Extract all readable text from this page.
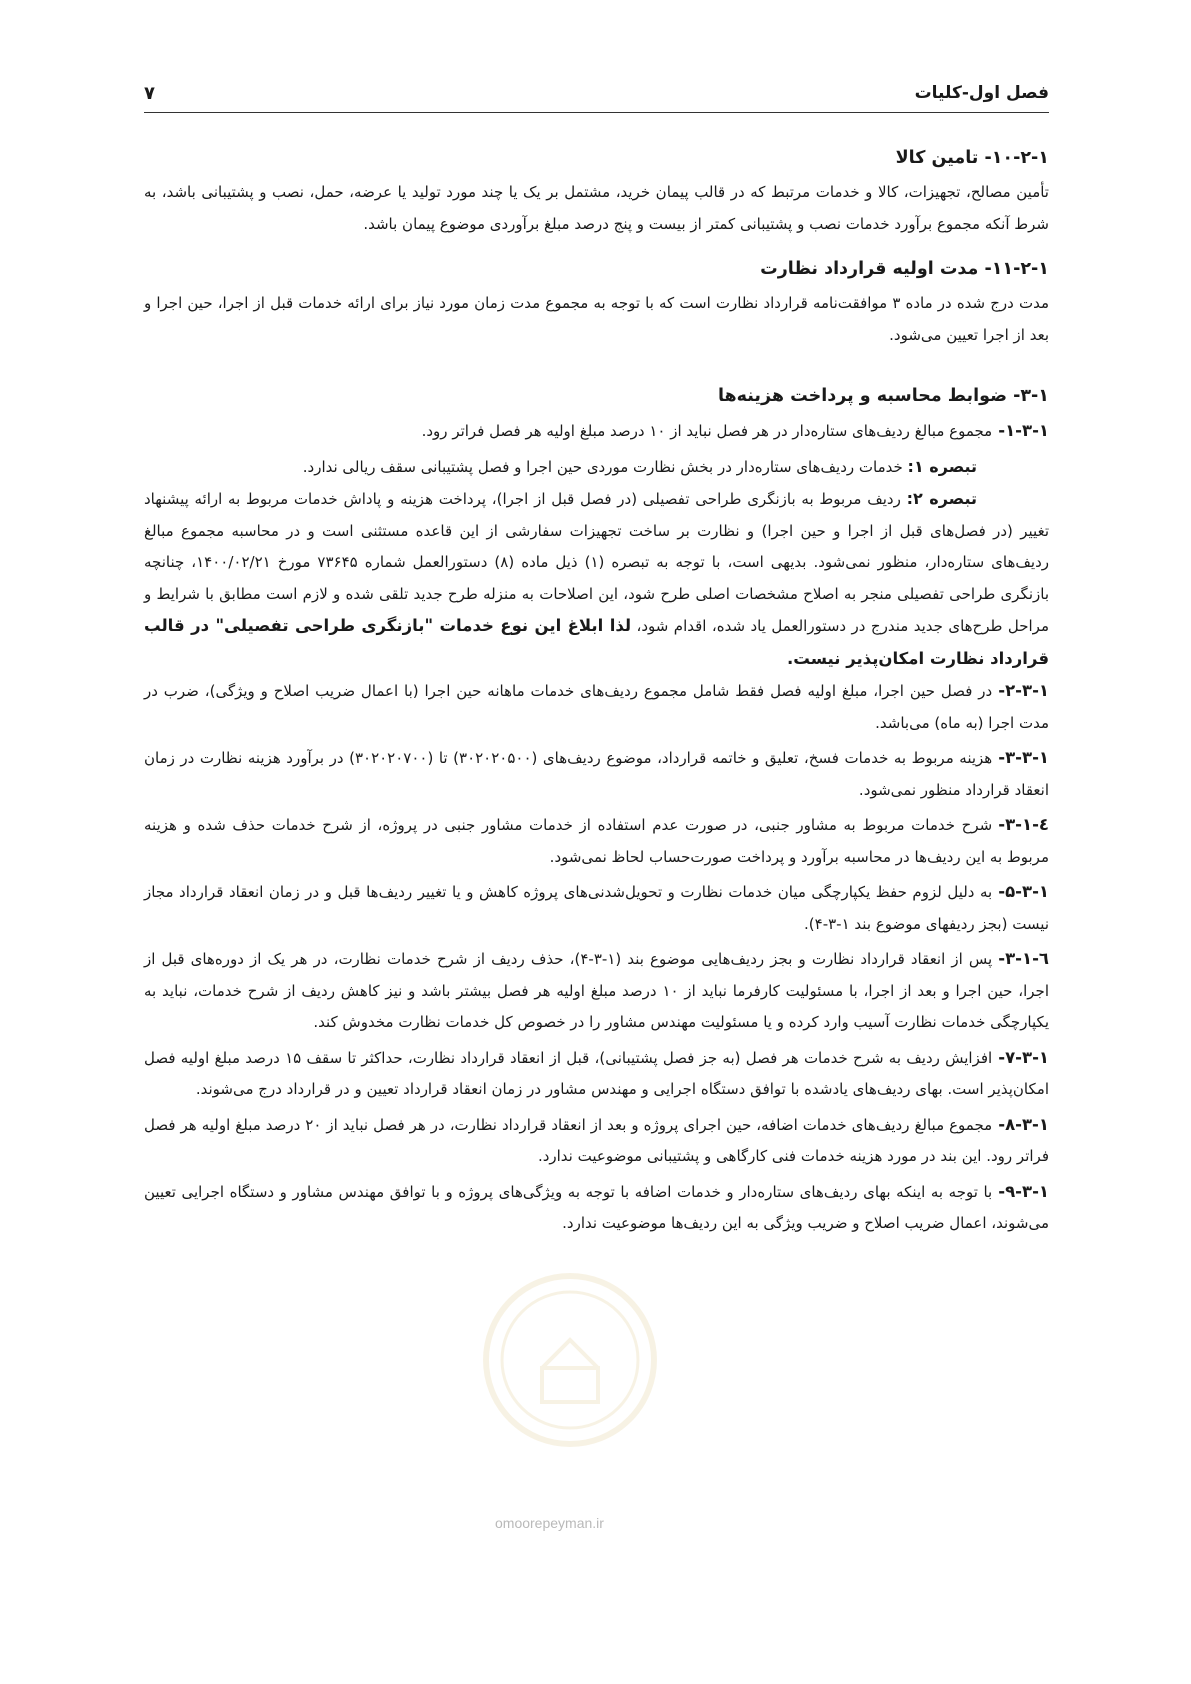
فصل اول-کلیات
۷
۱۰-۲-۱- تامین کالا

تأمین مصالح، تجهیزات، کالا و خدمات مرتبط که در قالب پیمان خرید، مشتمل بر یک یا چند مورد تولید یا عرضه، حمل، نصب و پشتیبانی باشد، به شرط آنکه مجموع برآورد خدمات نصب و پشتیبانی کمتر از بیست و پنج درصد مبلغ برآوردی موضوع پیمان باشد.

۱۱-۲-۱- مدت اولیه قرارداد نظارت

مدت درج شده در ماده ۳ موافقت‌نامه قرارداد نظارت است که با توجه به مجموع مدت زمان مورد نیاز برای ارائه خدمات قبل از اجرا، حین اجرا و بعد از اجرا تعیین می‌شود.

۳-۱- ضوابط محاسبه و پرداخت هزینه‌ها
۱-۳-۱-مجموع مبالغ ردیف‌های ستاره‌دار در هر فصل نباید از ۱۰ درصد مبلغ اولیه هر فصل فراتر رود.

تبصره ۱: خدمات ردیف‌های ستاره‌دار در بخش نظارت موردی حین اجرا و فصل پشتیبانی سقف ریالی ندارد.

تبصره ۲: ردیف مربوط به بازنگری طراحی تفصیلی (در فصل قبل از اجرا)، پرداخت هزینه و پاداش خدمات مربوط به ارائه پیشنهاد تغییر (در فصل‌های قبل از اجرا و حین اجرا) و نظارت بر ساخت تجهیزات سفارشی از این قاعده مستثنی است و در محاسبه مجموع مبالغ ردیف‌های ستاره‌دار، منظور نمی‌شود. بدیهی است، با توجه به تبصره (۱) ذیل ماده (۸) دستورالعمل شماره ۷۳۶۴۵ مورخ ۱۴۰۰/۰۲/۲۱، چنانچه بازنگری طراحی تفصیلی منجر به اصلاح مشخصات اصلی طرح شود، این اصلاحات به منزله طرح جدید تلقی شده و لازم است مطابق با شرایط و مراحل طرح‌های جدید مندرج در دستورالعمل یاد شده، اقدام شود، لذا ابلاغ این نوع خدمات "بازنگری طراحی تفصیلی" در قالب قرارداد نظارت امکان‌پذیر نیست.

۲-۳-۱-در فصل حین اجرا، مبلغ اولیه فصل فقط شامل مجموع ردیف‌های خدمات ماهانه حین اجرا (با اعمال ضریب اصلاح و ویژگی)، ضرب در مدت اجرا (به ماه) می‌باشد.
۳-۳-۱-هزینه مربوط به خدمات فسخ، تعلیق و خاتمه قرارداد، موضوع ردیف‌های (۳۰۲۰۲۰۵۰۰) تا (۳۰۲۰۲۰۷۰۰) در برآورد هزینه نظارت در زمان انعقاد قرارداد منظور نمی‌شود.
٤-۳-۱-شرح خدمات مربوط به مشاور جنبی، در صورت عدم استفاده از خدمات مشاور جنبی در پروژه، از شرح خدمات حذف شده و هزینه مربوط به این ردیف‌ها در محاسبه برآورد و پرداخت صورت‌حساب لحاظ نمی‌شود.
۵-۳-۱-به دلیل لزوم حفظ یکپارچگی میان خدمات نظارت و تحویل‌شدنی‌های پروژه کاهش و یا تغییر ردیف‌ها قبل و در زمان انعقاد قرارداد مجاز نیست (بجز ردیفهای موضوع بند ۱-۳-۴).
٦-۳-۱-پس از انعقاد قرارداد نظارت و بجز ردیف‌هایی موضوع بند (۱-۳-۴)، حذف ردیف از شرح خدمات نظارت، در هر یک از دوره‌های قبل از اجرا، حین اجرا و بعد از اجرا، با مسئولیت کارفرما نباید از ۱۰ درصد مبلغ اولیه هر فصل بیشتر باشد و نیز کاهش ردیف از شرح خدمات، نباید به یکپارچگی خدمات نظارت آسیب وارد کرده و یا مسئولیت مهندس مشاور را در خصوص کل خدمات نظارت مخدوش کند.
۷-۳-۱-افزایش ردیف به شرح خدمات هر فصل (به جز فصل پشتیبانی)، قبل از انعقاد قرارداد نظارت، حداکثر تا سقف ۱۵ درصد مبلغ اولیه فصل امکان‌پذیر است. بهای ردیف‌های یادشده با توافق دستگاه اجرایی و مهندس مشاور در زمان انعقاد قرارداد تعیین و در قرارداد درج می‌شوند.
۸-۳-۱-مجموع مبالغ ردیف‌های خدمات اضافه، حین اجرای پروژه و بعد از انعقاد قرارداد نظارت، در هر فصل نباید از ۲۰ درصد مبلغ اولیه هر فصل فراتر رود. این بند در مورد هزینه خدمات فنی کارگاهی و پشتیبانی موضوعیت ندارد.
۹-۳-۱-با توجه به اینکه بهای ردیف‌های ستاره‌دار و خدمات اضافه با توجه به ویژگی‌های پروژه و با توافق مهندس مشاور و دستگاه اجرایی تعیین می‌شوند، اعمال ضریب اصلاح و ضریب ویژگی به این ردیف‌ها موضوعیت ندارد.
omoorepeyman.ir
